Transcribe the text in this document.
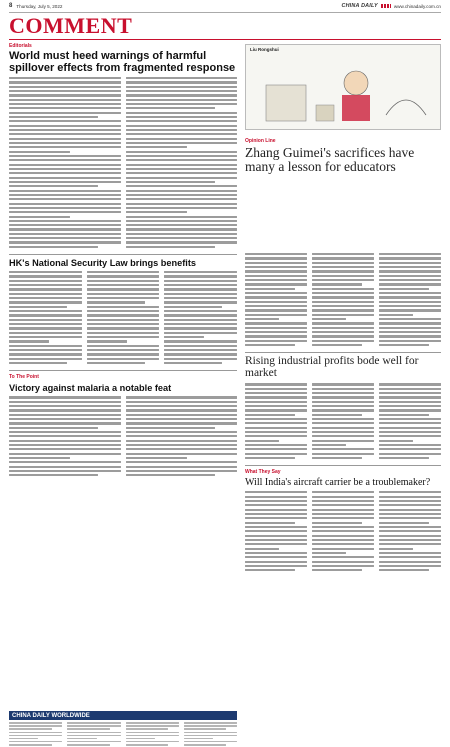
8 Thursday, July 5, 2022	CHINA DAILY	www.chinadaily.com.cn
COMMENT
Editorials
World must heed warnings of harmful spillover effects from fragmented response
Liu Rongshui
Opinion Line
Zhang Guimei's sacrifices have many a lesson for educators
HK's National Security Law brings benefits
To The Point
Victory against malaria a notable feat
Rising industrial profits bode well for market
What They Say
Will India's aircraft carrier be a troublemaker?
CHINA DAILY WORLDWIDE
